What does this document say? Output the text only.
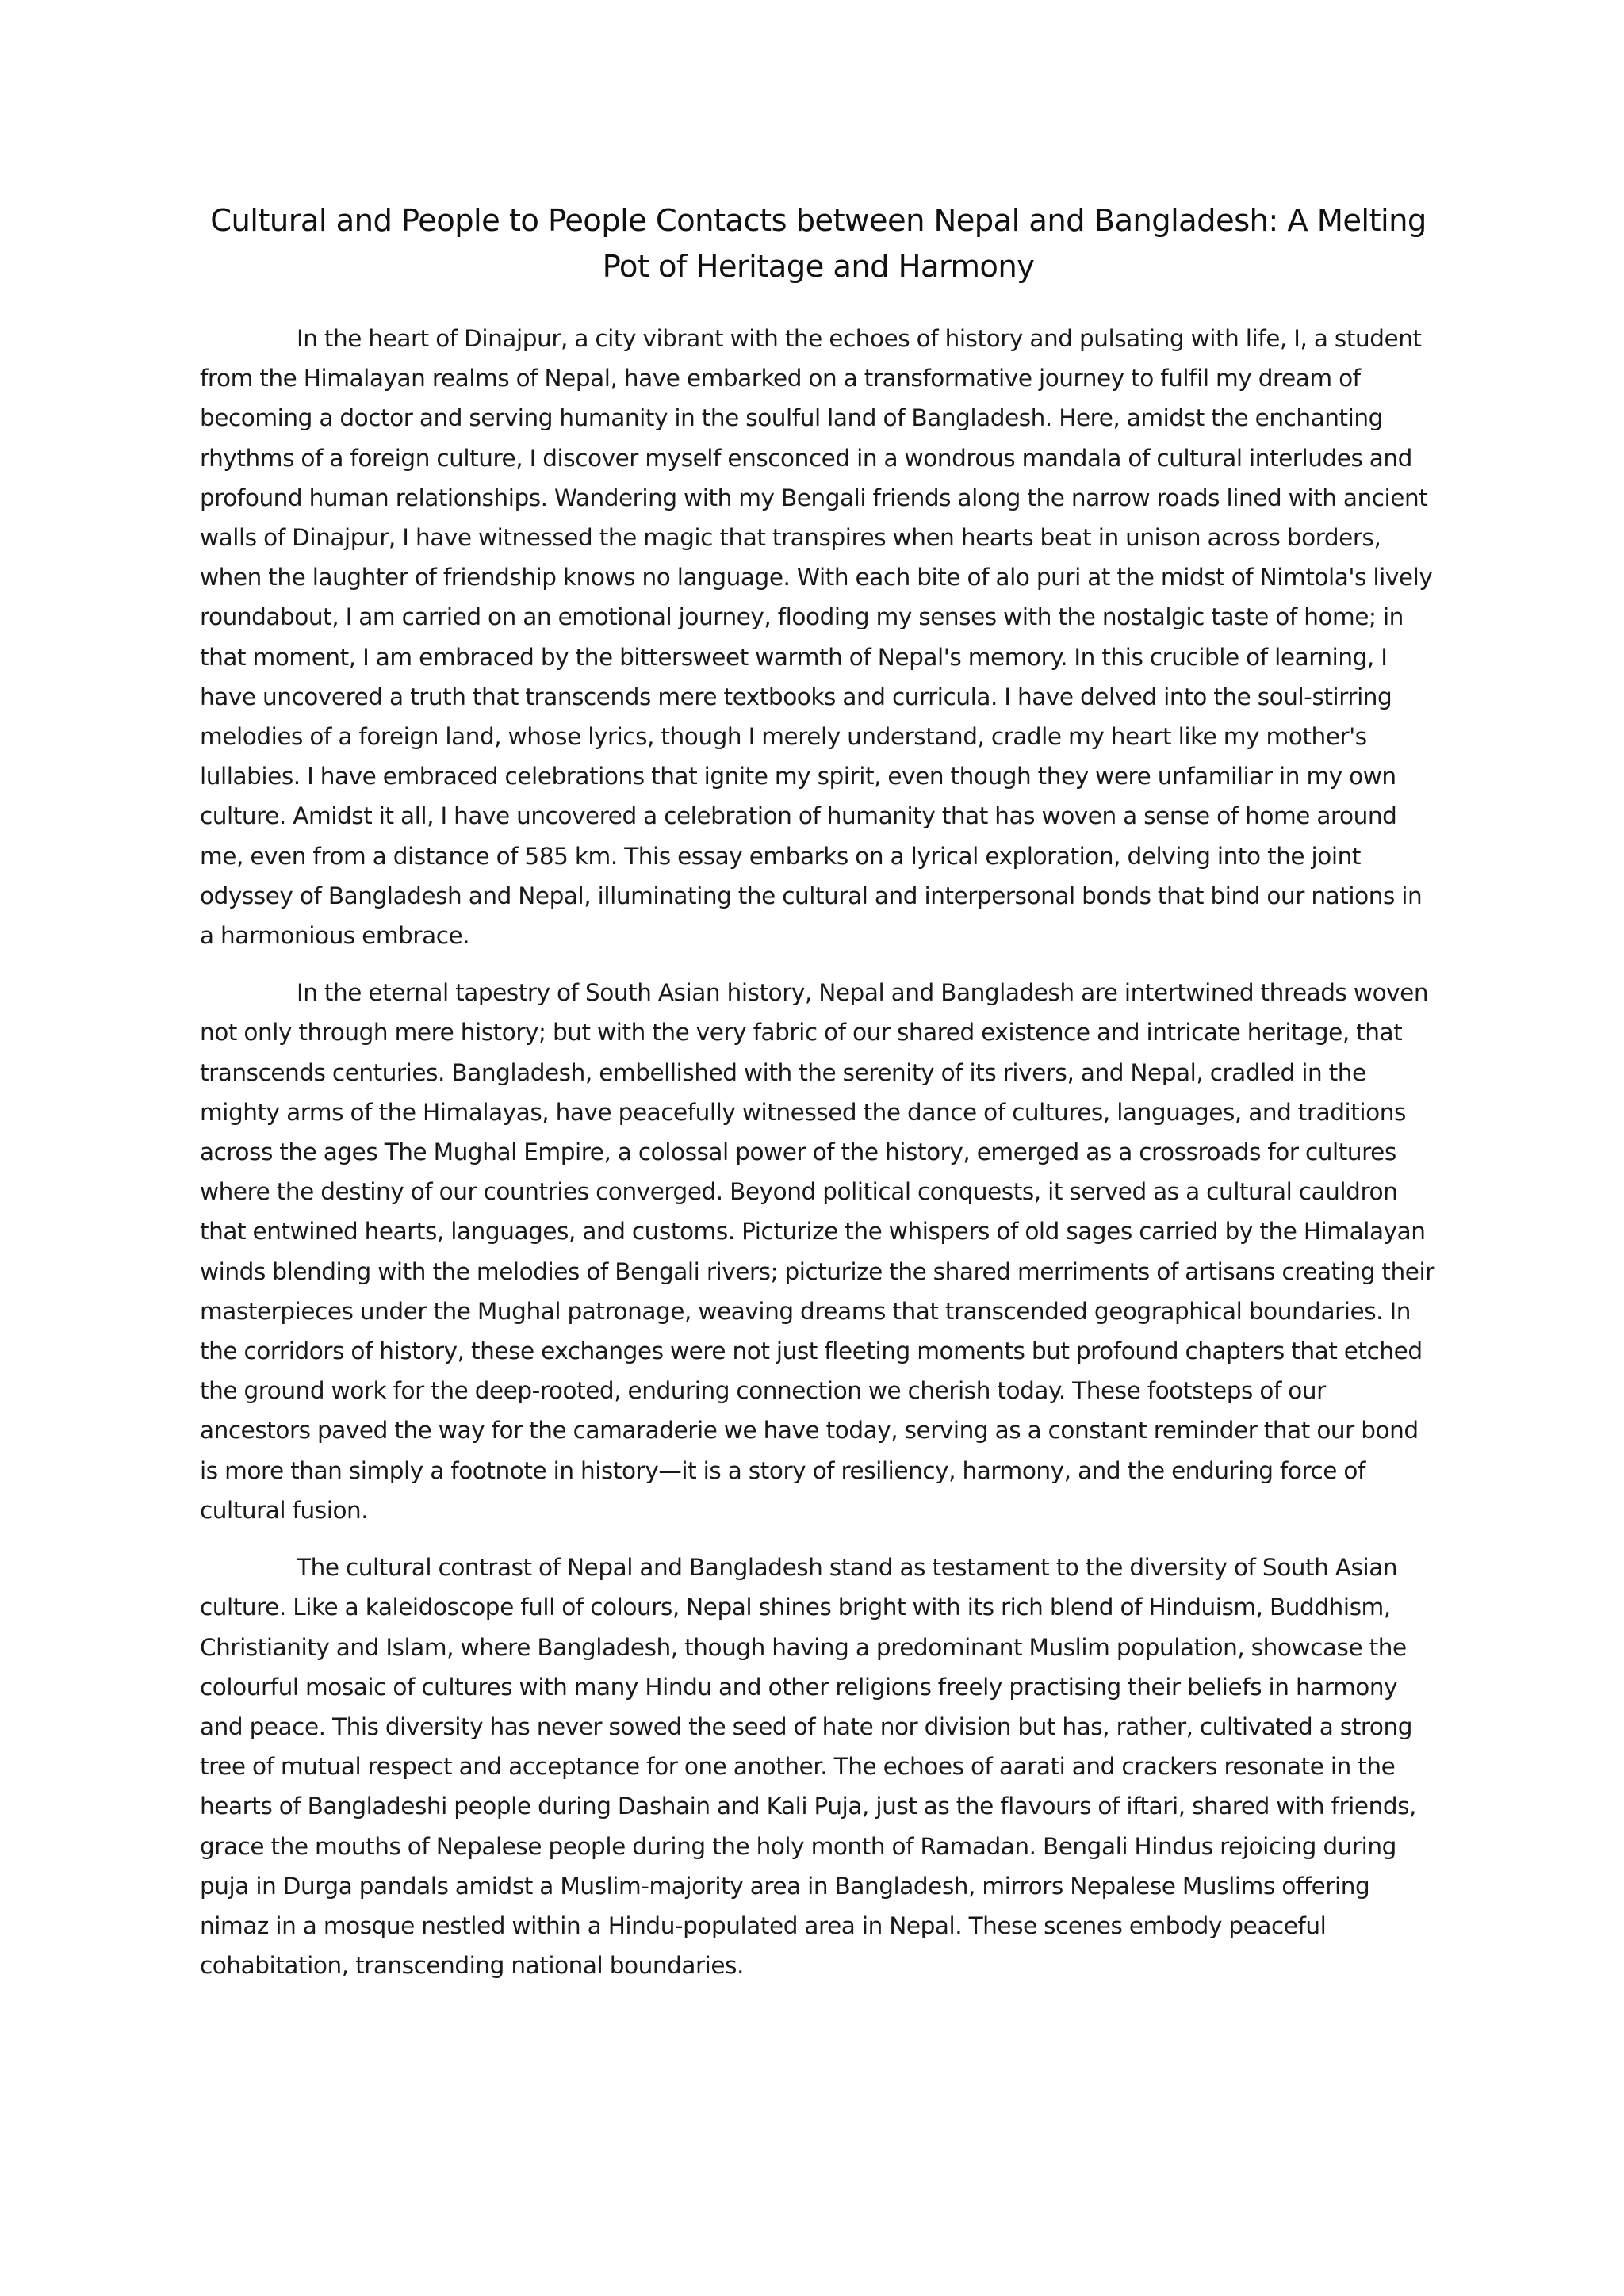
Cultural and People to People Contacts between Nepal and Bangladesh: A Melting Pot of Heritage and Harmony

In the heart of Dinajpur, a city vibrant with the echoes of history and pulsating with life, I, a student from the Himalayan realms of Nepal, have embarked on a transformative journey to fulfil my dream of becoming a doctor and serving humanity in the soulful land of Bangladesh. Here, amidst the enchanting rhythms of a foreign culture, I discover myself ensconced in a wondrous mandala of cultural interludes and profound human relationships. Wandering with my Bengali friends along the narrow roads lined with ancient walls of Dinajpur, I have witnessed the magic that transpires when hearts beat in unison across borders, when the laughter of friendship knows no language. With each bite of alo puri at the midst of Nimtola's lively roundabout, I am carried on an emotional journey, flooding my senses with the nostalgic taste of home; in that moment, I am embraced by the bittersweet warmth of Nepal's memory. In this crucible of learning, I have uncovered a truth that transcends mere textbooks and curricula. I have delved into the soul-stirring melodies of a foreign land, whose lyrics, though I merely understand, cradle my heart like my mother's lullabies. I have embraced celebrations that ignite my spirit, even though they were unfamiliar in my own culture. Amidst it all, I have uncovered a celebration of humanity that has woven a sense of home around me, even from a distance of 585 km. This essay embarks on a lyrical exploration, delving into the joint odyssey of Bangladesh and Nepal, illuminating the cultural and interpersonal bonds that bind our nations in a harmonious embrace.

In the eternal tapestry of South Asian history, Nepal and Bangladesh are intertwined threads woven not only through mere history; but with the very fabric of our shared existence and intricate heritage, that transcends centuries. Bangladesh, embellished with the serenity of its rivers, and Nepal, cradled in the mighty arms of the Himalayas, have peacefully witnessed the dance of cultures, languages, and traditions across the ages The Mughal Empire, a colossal power of the history, emerged as a crossroads for cultures where the destiny of our countries converged. Beyond political conquests, it served as a cultural cauldron that entwined hearts, languages, and customs. Picturize the whispers of old sages carried by the Himalayan winds blending with the melodies of Bengali rivers; picturize the shared merriments of artisans creating their masterpieces under the Mughal patronage, weaving dreams that transcended geographical boundaries. In the corridors of history, these exchanges were not just fleeting moments but profound chapters that etched the ground work for the deep-rooted, enduring connection we cherish today. These footsteps of our ancestors paved the way for the camaraderie we have today, serving as a constant reminder that our bond is more than simply a footnote in history—it is a story of resiliency, harmony, and the enduring force of cultural fusion.

The cultural contrast of Nepal and Bangladesh stand as testament to the diversity of South Asian culture. Like a kaleidoscope full of colours, Nepal shines bright with its rich blend of Hinduism, Buddhism, Christianity and Islam, where Bangladesh, though having a predominant Muslim population, showcase the colourful mosaic of cultures with many Hindu and other religions freely practising their beliefs in harmony and peace. This diversity has never sowed the seed of hate nor division but has, rather, cultivated a strong tree of mutual respect and acceptance for one another. The echoes of aarati and crackers resonate in the hearts of Bangladeshi people during Dashain and Kali Puja, just as the flavours of iftari, shared with friends, grace the mouths of Nepalese people during the holy month of Ramadan. Bengali Hindus rejoicing during puja in Durga pandals amidst a Muslim-majority area in Bangladesh, mirrors Nepalese Muslims offering nimaz in a mosque nestled within a Hindu-populated area in Nepal. These scenes embody peaceful cohabitation, transcending national boundaries.
